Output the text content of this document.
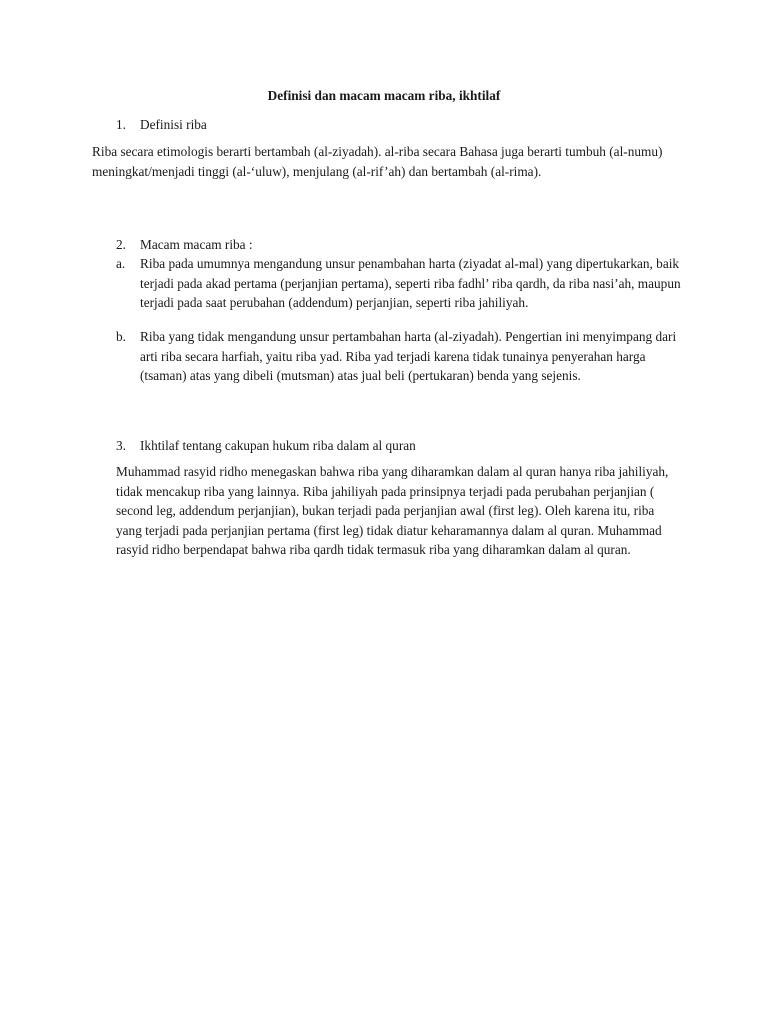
Definisi dan macam macam riba, ikhtilaf
1. Definisi riba
Riba secara etimologis berarti bertambah (al-ziyadah). al-riba secara Bahasa juga berarti tumbuh (al-numu) meningkat/menjadi tinggi (al-‘uluw), menjulang (al-rif’ah) dan bertambah (al-rima).
2. Macam macam riba :
a.	Riba pada umumnya mengandung unsur penambahan harta (ziyadat al-mal) yang dipertukarkan, baik terjadi pada akad pertama (perjanjian pertama), seperti riba fadhl’ riba qardh, da riba nasi’ah, maupun terjadi pada saat perubahan (addendum) perjanjian, seperti riba jahiliyah.
b.	Riba yang tidak mengandung unsur pertambahan harta (al-ziyadah). Pengertian ini menyimpang dari arti riba secara harfiah, yaitu riba yad. Riba yad terjadi karena tidak tunainya penyerahan harga (tsaman) atas yang dibeli (mutsman) atas jual beli (pertukaran) benda yang sejenis.
3. Ikhtilaf tentang cakupan hukum riba dalam al quran
Muhammad rasyid ridho menegaskan bahwa riba yang diharamkan dalam al quran hanya riba jahiliyah, tidak mencakup riba yang lainnya. Riba jahiliyah pada prinsipnya terjadi pada perubahan perjanjian ( second leg, addendum perjanjian), bukan terjadi pada perjanjian awal (first leg). Oleh karena itu, riba yang terjadi pada perjanjian pertama (first leg) tidak diatur keharamannya dalam al quran. Muhammad rasyid ridho berpendapat bahwa riba qardh tidak termasuk riba yang diharamkan dalam al quran.
